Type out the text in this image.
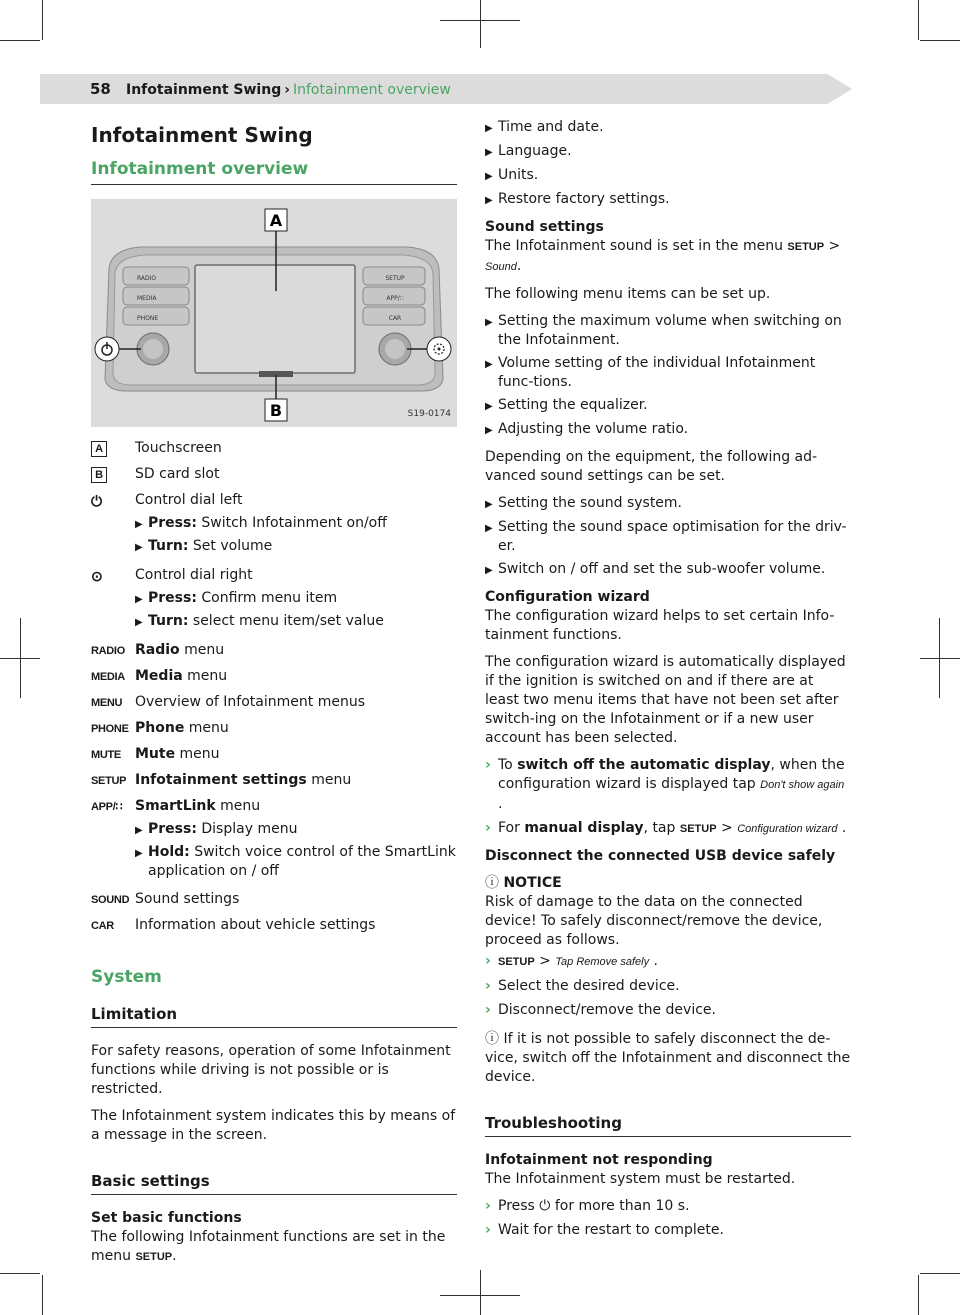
58 Infotainment Swing › Infotainment overview
Infotainment Swing
Infotainment overview
A
B
RADIO
MEDIA
PHONE
SETUP
APP/∷
CAR
S19-0174
A	Touchscreen
B	SD card slot
⏻	Control dial left
▶ Press: Switch Infotainment on/off
▶ Turn: Set volume
⊙	Control dial right
▶ Press: Confirm menu item
▶ Turn: select menu item/set value
RADIO Radio menu
MEDIA Media menu
MENU Overview of Infotainment menus
PHONE Phone menu
MUTE	Mute menu
SETUP Infotainment settings menu
APP/∷ SmartLink menu
▶ Press: Display menu
▶ Hold: Switch voice control of the SmartLink application on / off
SOUND Sound settings
CAR	Information about vehicle settings
System
Limitation

For safety reasons, operation of some Infotainment functions while driving is not possible or is restricted.

The Infotainment system indicates this by means of a message in the screen.

Basic settings
Set basic functions
The following Infotainment functions are set in the menu SETUP.
▶ Time and date.
▶ Language.
▶ Units.
▶ Restore factory settings.
Sound settings

The Infotainment sound is set in the menu SETUP > Sound.

The following menu items can be set up.

▶ Setting the maximum volume when switching on the Infotainment.
▶ Volume setting of the individual Infotainment func-tions.
▶ Setting the equalizer.
▶ Adjusting the volume ratio.

Depending on the equipment, the following ad-vanced sound settings can be set.

▶ Setting the sound system.
▶ Setting the sound space optimisation for the driv-er.
▶ Switch on / off and set the sub-woofer volume.
Configuration wizard

The configuration wizard helps to set certain Info-tainment functions.

The configuration wizard is automatically displayed if the ignition is switched on and if there are at least two menu items that have not been set after switch-ing on the Infotainment or if a new user account has been selected.

› To switch off the automatic display, when the configuration wizard is displayed tap Don't show again .
› For manual display, tap SETUP > Configuration wizard .
Disconnect the connected USB device safely
ⓘ NOTICE
Risk of damage to the data on the connected device! To safely disconnect/remove the device, proceed as follows.
› SETUP > Tap Remove safely .
› Select the desired device.
› Disconnect/remove the device.

ⓘ If it is not possible to safely disconnect the de-vice, switch off the Infotainment and disconnect the device.

Troubleshooting
Infotainment not responding

The Infotainment system must be restarted.

› Press ⏻ for more than 10 s.
› Wait for the restart to complete.
